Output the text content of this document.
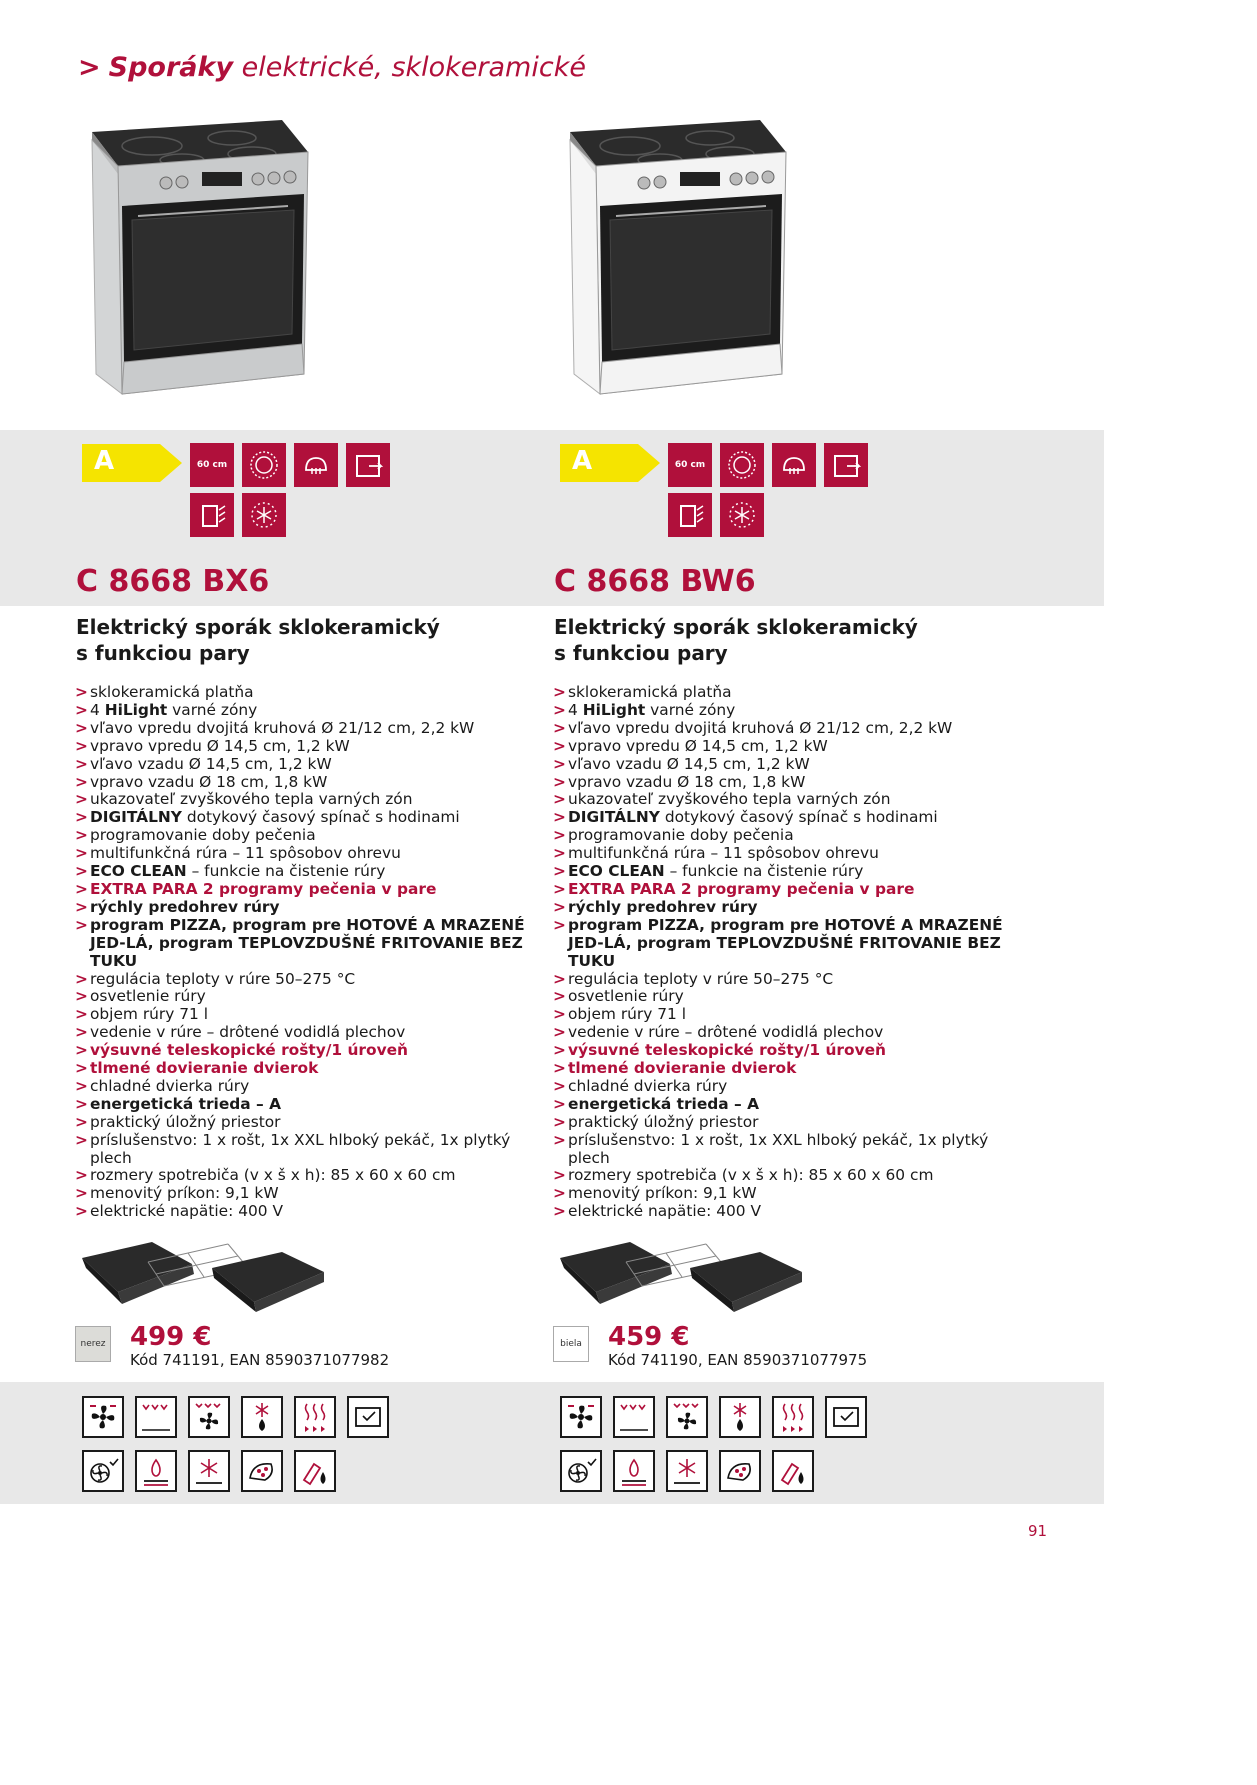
> Sporáky elektrické, sklokeramické
91
A	60 cm
C 8668 BX6
Elektrický sporák sklokeramický
s funkciou pary
> sklokeramická platňa
> 4 HiLight varné zóny
> vľavo vpredu dvojitá kruhová Ø 21/12 cm, 2,2 kW
> vpravo vpredu Ø 14,5 cm, 1,2 kW
> vľavo vzadu Ø 14,5 cm, 1,2 kW
> vpravo vzadu Ø 18 cm, 1,8 kW
> ukazovateľ zvyškového tepla varných zón
> DIGITÁLNY dotykový časový spínač s hodinami
> programovanie doby pečenia
> multifunkčná rúra – 11 spôsobov ohrevu
> ECO CLEAN – funkcie na čistenie rúry
> EXTRA PARA 2 programy pečenia v pare
> rýchly predohrev rúry
> program PIZZA, program pre HOTOVÉ A MRAZENÉ JED-LÁ, program TEPLOVZDUŠNÉ FRITOVANIE BEZ TUKU
> regulácia teploty v rúre 50–275 °C
> osvetlenie rúry
> objem rúry 71 l
> vedenie v rúre – drôtené vodidlá plechov
> výsuvné teleskopické rošty/1 úroveň
> tlmené dovieranie dvierok
> chladné dvierka rúry
> energetická trieda – A
> praktický úložný priestor
> príslušenstvo: 1 x rošt, 1x XXL hlboký pekáč, 1x plytký plech
> rozmery spotrebiča (v x š x h): 85 x 60 x 60 cm
> menovitý príkon: 9,1 kW
> elektrické napätie: 400 V
nerez 499 €
Kód 741191, EAN 8590371077982
A	60 cm
C 8668 BW6
Elektrický sporák sklokeramický
s funkciou pary
> sklokeramická platňa
> 4 HiLight varné zóny
> vľavo vpredu dvojitá kruhová Ø 21/12 cm, 2,2 kW
> vpravo vpredu Ø 14,5 cm, 1,2 kW
> vľavo vzadu Ø 14,5 cm, 1,2 kW
> vpravo vzadu Ø 18 cm, 1,8 kW
> ukazovateľ zvyškového tepla varných zón
> DIGITÁLNY dotykový časový spínač s hodinami
> programovanie doby pečenia
> multifunkčná rúra – 11 spôsobov ohrevu
> ECO CLEAN – funkcie na čistenie rúry
> EXTRA PARA 2 programy pečenia v pare
> rýchly predohrev rúry
> program PIZZA, program pre HOTOVÉ A MRAZENÉ JED-LÁ, program TEPLOVZDUŠNÉ FRITOVANIE BEZ TUKU
> regulácia teploty v rúre 50–275 °C
> osvetlenie rúry
> objem rúry 71 l
> vedenie v rúre – drôtené vodidlá plechov
> výsuvné teleskopické rošty/1 úroveň
> tlmené dovieranie dvierok
> chladné dvierka rúry
> energetická trieda – A
> praktický úložný priestor
> príslušenstvo: 1 x rošt, 1x XXL hlboký pekáč, 1x plytký plech
> rozmery spotrebiča (v x š x h): 85 x 60 x 60 cm
> menovitý príkon: 9,1 kW
> elektrické napätie: 400 V
biela 459 €
Kód 741190, EAN 8590371077975
